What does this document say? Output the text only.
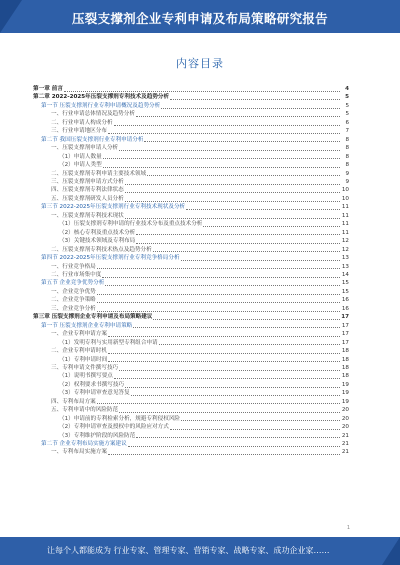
压裂支撑剂企业专利申请及布局策略研究报告
内容目录
第一章 前言	4
第二章 2022-2025年压裂支撑剂专利技术及趋势分析	5
第一节 压裂支撑剂行业专利申请概况及趋势分析	5
一、行业申请总体情况及趋势分析	5
二、行业申请人构成分析	6
三、行业申请地区分布	7
第二节 我国压裂支撑剂行业专利申请分析	8
一、压裂支撑剂申请人分析	8
（1）申请人数量	8
（2）申请人类型	8
二、压裂支撑剂专利申请主要技术领域	9
三、压裂支撑剂申请方式分析	9
四、压裂支撑剂专利法律状态	10
五、压裂支撑剂研发人员分析	10
第三节 2022-2025年压裂支撑剂行业专利技术现状及分析	11
一、压裂支撑剂专利技术现状	11
（1）压裂支撑剂专利申请的行业技术分布及重点技术分析	11
（2）核心专利及重点技术分析	11
（3）关键技术领域及专利布局	12
二、压裂支撑剂专利技术热点及趋势分析	12
第四节 2022-2025年压裂支撑剂行业专利竞争格局分析	13
一、行业竞争格局	13
二、行业市场集中度	14
第五节 企业竞争优势分析	15
一、企业竞争优势	15
二、企业竞争策略	16
三、企业竞争分析	16
第三章 压裂支撑剂企业专利申请及布局策略建议	17
第一节 压裂支撑剂企业专利申请策略	17
一、企业专利申请方案	17
（1）发明专利与实用新型专利组合申请	17
二、企业专利申请时机	18
（1）专利申请时间	18
三、专利申请文件撰写技巧	18
（1）说明书撰写要点	18
（2）权利要求书撰写技巧	19
（3）专利申请审查意见答复	19
四、专利布局方案	19
五、专利申请中的风险防范	20
（1）申请前的专利检索分析，规避专利侵权风险	20
（2）专利申请审查及授权中的风险应对方式	20
（3）专利维护阶段的风险防范	21
第二节 企业专利布局实施方案建议	21
一、专利布局实施方案	21
1
让每个人都能成为 行业专家、管理专家、营销专家、战略专家、成功企业家……
